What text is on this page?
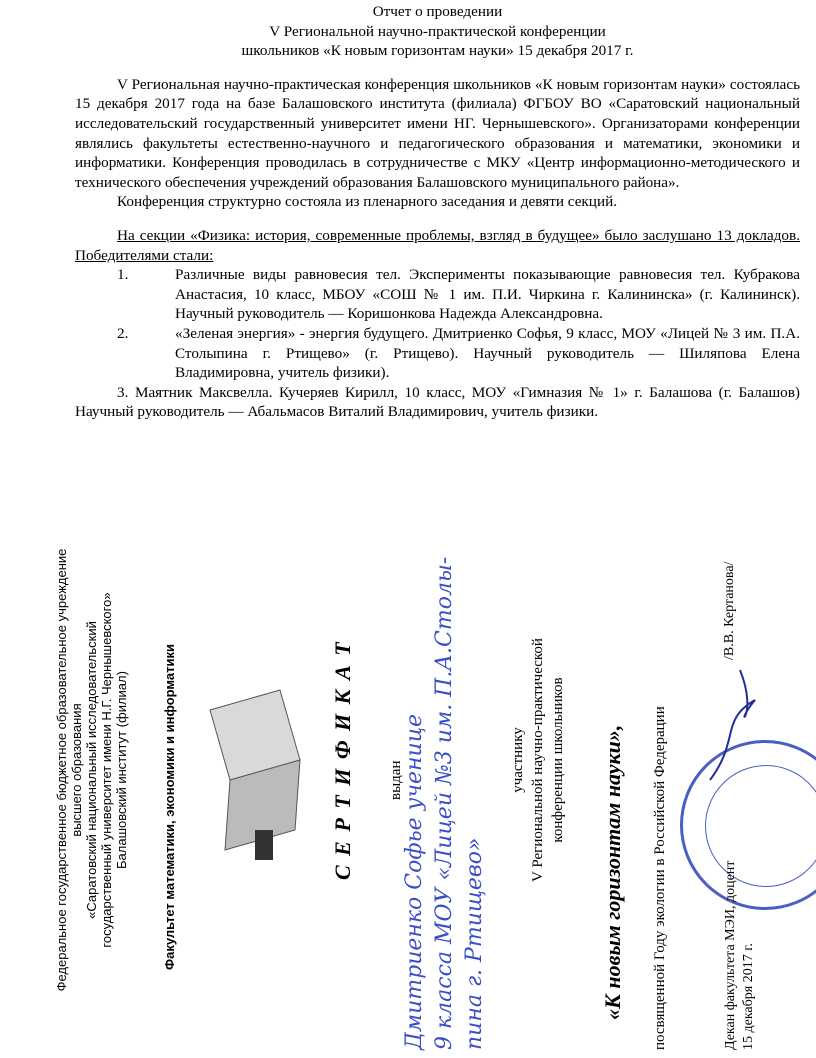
Отчет о проведении

V Региональной научно-практической конференции

школьников «К новым горизонтам науки» 15 декабря 2017 г.

V Региональная научно-практическая конференция школьников «К новым горизонтам науки» состоялась 15 декабря 2017 года на базе Балашовского института (филиала) ФГБОУ ВО «Саратовский национальный исследовательский государственный университет имени НГ. Чернышевского». Организаторами конференции являлись факультеты естественно-научного и педагогического образования и математики, экономики и информатики. Конференция проводилась в сотрудничестве с МКУ «Центр информационно-методического и технического обеспечения учреждений образования Балашовского муниципального района».

Конференция структурно состояла из пленарного заседания и девяти секций.

На секции «Физика: история, современные проблемы, взгляд в будущее» было заслушано 13 докладов. Победителями стали:

1.	Различные виды равновесия тел. Эксперименты показывающие равновесия тел. Кубракова Анастасия, 10 класс, МБОУ «СОШ № 1 им. П.И. Чиркина г. Калининска» (г. Калининск). Научный руководитель — Коришонкова Надежда Александровна.
2.	«Зеленая энергия» - энергия будущего. Дмитриенко Софья, 9 класс, МОУ «Лицей № 3 им. П.А. Столыпина г. Ртищево» (г. Ртищево). Научный руководитель — Шиляпова Елена Владимировна, учитель физики).

3. Маятник Максвелла. Кучеряев Кирилл, 10 класс, МОУ «Гимназия № 1» г. Балашова (г. Балашов) Научный руководитель — Абальмасов Виталий Владимирович, учитель физики.

Федеральное государственное бюджетное образовательное учреждение высшего образования «Саратовский национальный исследовательский государственный университет имени Н.Г. Чернышевского» Балашовский институт (филиал)	Факультет математики, экономики и информатики	С Е Р Т И Ф И К А Т выдан
Дмитриенко Софье ученице 9 класса МОУ «Лицей №3 им. П.А.Столы- пина г. Ртищево»
участнику V Региональной научно-практической конференции школьников «К новым горизонтам науки», посвященной Году экологии в Российской Федерации
/В.В. Кертанова/
Декан факультета МЭИ, доцент 15 декабря 2017 г.
